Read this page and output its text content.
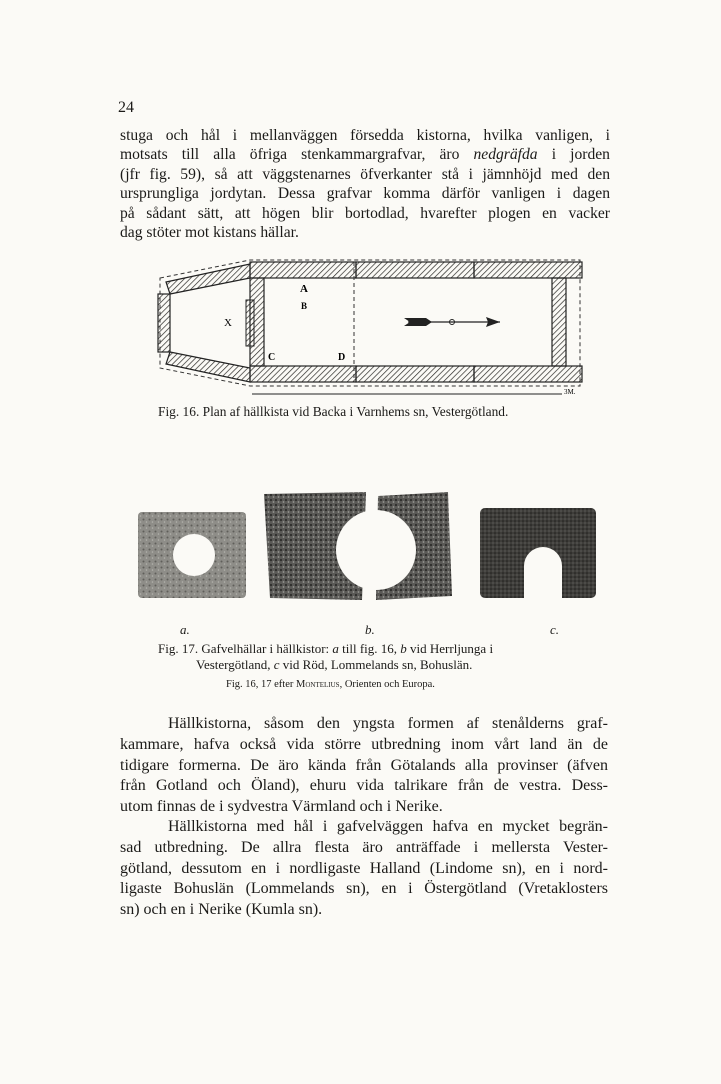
24
stuga och hål i mellanväggen försedda kistorna, hvilka vanligen, i
motsats till alla öfriga stenkammargrafvar, äro nedgräfda i jorden
(jfr fig. 59), så att väggstenarnes öfverkanter stå i jämnhöjd med den
ursprungliga jordytan. Dessa grafvar komma därför vanligen i dagen
på sådant sätt, att högen blir bortodlad, hvarefter plogen en vacker
dag stöter mot kistans hällar.
A
B
C	D
X
3M.
Fig. 16. Plan af hällkista vid Backa i Varnhems sn, Vestergötland.
a.	b.	c.
Fig. 17. Gafvelhällar i hällkistor: a till fig. 16, b vid Herrljunga i
Vestergötland, c vid Röd, Lommelands sn, Bohuslän.
Fig. 16, 17 efter Montelius, Orienten och Europa.
Hällkistorna, såsom den yngsta formen af stenålderns graf-
kammare, hafva också vida större utbredning inom vårt land än de
tidigare formerna. De äro kända från Götalands alla provinser (äfven
från Gotland och Öland), ehuru vida talrikare från de vestra. Dess-
utom finnas de i sydvestra Värmland och i Nerike.
Hällkistorna med hål i gafvelväggen hafva en mycket begrän-
sad utbredning. De allra flesta äro anträffade i mellersta Vester-
götland, dessutom en i nordligaste Halland (Lindome sn), en i nord-
ligaste Bohuslän (Lommelands sn), en i Östergötland (Vretaklosters
sn) och en i Nerike (Kumla sn).
